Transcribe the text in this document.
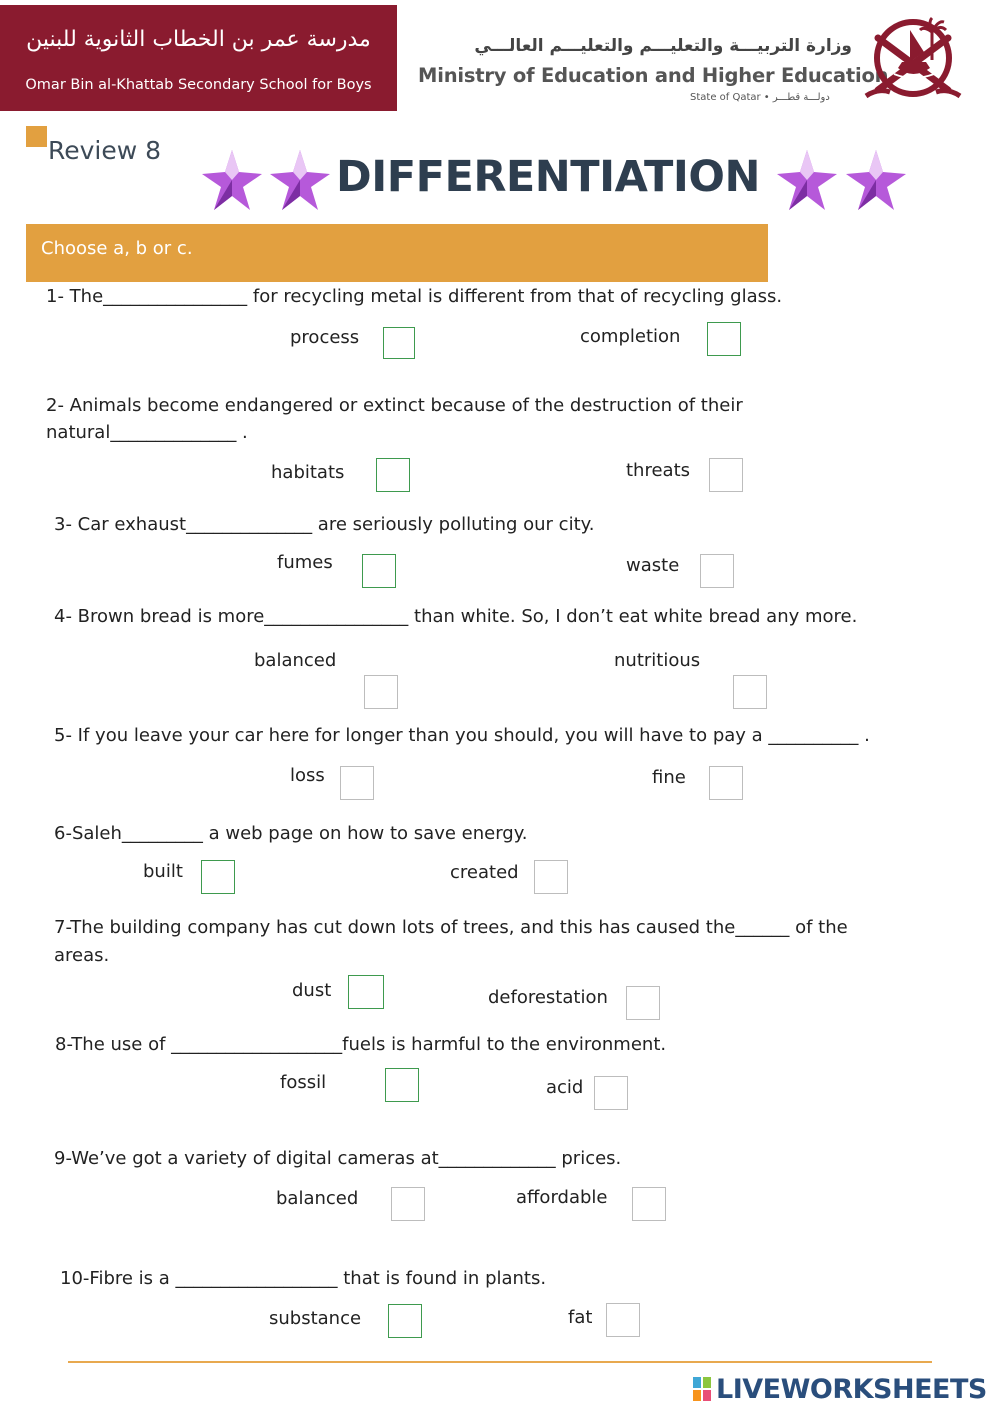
مدرسة عمر بن الخطاب الثانوية للبنين
Omar Bin al-Khattab Secondary School for Boys
وزارة التربيـــة والتعليـــم والتعليـــم العالـــي
Ministry of Education and Higher Education
State of Qatar • دولـــة قطـــر
Review 8
DIFFERENTIATION
Choose a, b or c.
1- The________________ for recycling metal is different from that of recycling glass.
process	completion
2- Animals become endangered or extinct because of the destruction of their
natural______________ .
habitats	threats
3- Car exhaust______________ are seriously polluting our city.
fumes	waste
4- Brown bread is more________________ than white. So, I don’t eat white bread any more.
balanced	nutritious
5- If you leave your car here for longer than you should, you will have to pay a __________ .
loss	fine
6-Saleh_________ a web page on how to save energy.
built	created
7-The building company has cut down lots of trees, and this has caused the______ of the
areas.
dust	deforestation
8-The use of ___________________fuels is harmful to the environment.
fossil	acid
9-We’ve got a variety of digital cameras at_____________ prices.
balanced	affordable
10-Fibre is a __________________ that is found in plants.
substance	fat
LIVEWORKSHEETS
